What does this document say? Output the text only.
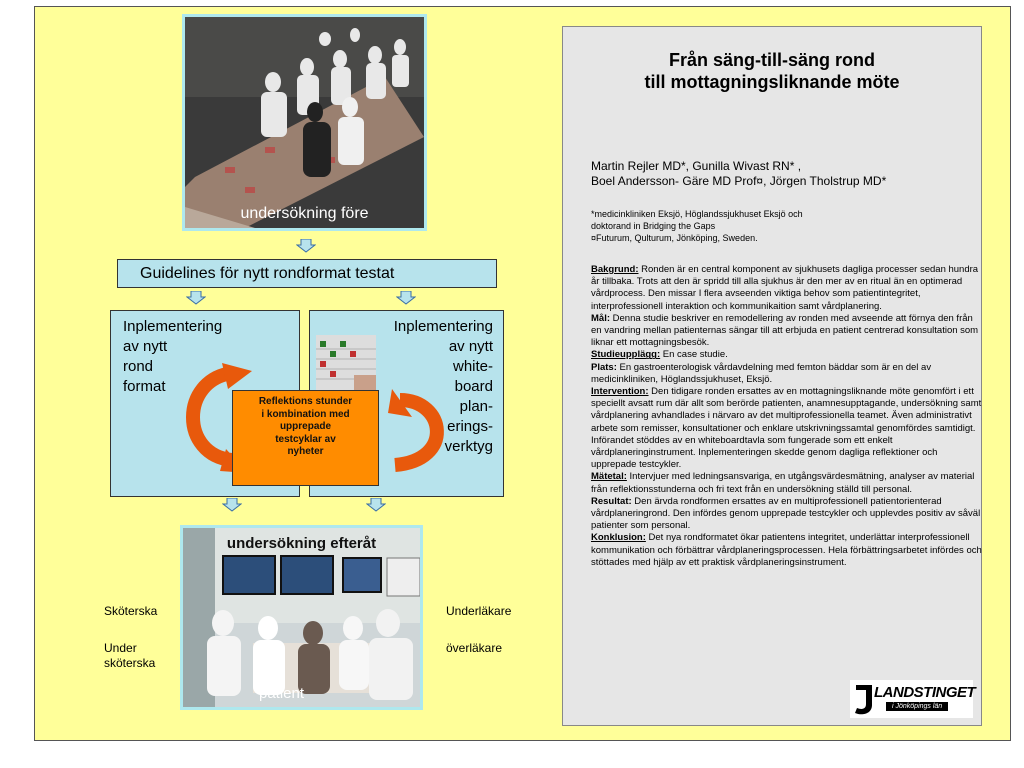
undersökning före
Guidelines för nytt rondformat testat
Inplementering
av nytt
rond
format
Inplementering
av nytt
white-
board
plan-
erings-
verktyg
Reflektions stunder
i kombination med
upprepade
testcyklar av
nyheter
undersökning efteråt
patient
Sköterska
Under
sköterska
Underläkare
överläkare
Från säng-till-säng rond
till mottagningsliknande möte
Martin Rejler MD*, Gunilla Wivast RN* ,
Boel Andersson- Gäre MD Prof¤, Jörgen Tholstrup MD*
*medicinkliniken Eksjö, Höglandssjukhuset Eksjö och
doktorand in Bridging the Gaps
¤Futurum, Qulturum, Jönköping, Sweden.

Bakgrund: Ronden är en central komponent av sjukhusets dagliga processer sedan hundra år tillbaka. Trots att den är spridd till alla sjukhus är den mer av en ritual än en optimerad vårdprocess. Den missar I flera avseenden viktiga behov som patientintegritet, interprofessionell interaktion och kommunikaition samt vårdplanering.

Mål: Denna studie beskriver en remodellering av ronden med avseende att förnya den från en vandring mellan patienternas sängar till att erbjuda en patient centrerad konsultation som liknar ett mottagningsbesök.

Studieupplägg: En case studie.

Plats: En gastroenterologisk vårdavdelning med femton bäddar som är en del av medicinkliniken, Höglandssjukhuset, Eksjö.

Intervention: Den tidigare ronden ersattes av en mottagningsliknande möte genomfört i ett speciellt avsatt rum där allt som berörde patienten, anamnesupptagande, undersökning samt vårdplanering avhandlades i närvaro av det multiprofessionella teamet. Även administrativt arbete som remisser, konsultationer och enklare utskrivningssamtal genomfördes samtidigt. Införandet stöddes av en whiteboardtavla som fungerade som ett enkelt vårdplaneringinstrument. Inplementeringen skedde genom dagliga reflektioner och upprepade testcykler.

Mätetal: Intervjuer med ledningsansvariga, en utgångsvärdesmätning, analyser av material från reflektionsstunderna och fri text från en undersökning ställd till personal.

Resultat: Den ärvda rondformen ersattes av en multiprofessionell patientorienterad vårdplaneringrond. Den infördes genom upprepade testcykler och upplevdes positiv av såväl patienter som personal.

Konklusion: Det nya rondformatet ökar patientens integritet, underlättar interprofessionell kommunikation och förbättrar vårdplaneringsprocessen. Hela förbättringsarbetet infördes och stöttades med hjälp av ett praktisk vårdplaneringsinstrument.

LANDSTINGET
i Jönköpings län
